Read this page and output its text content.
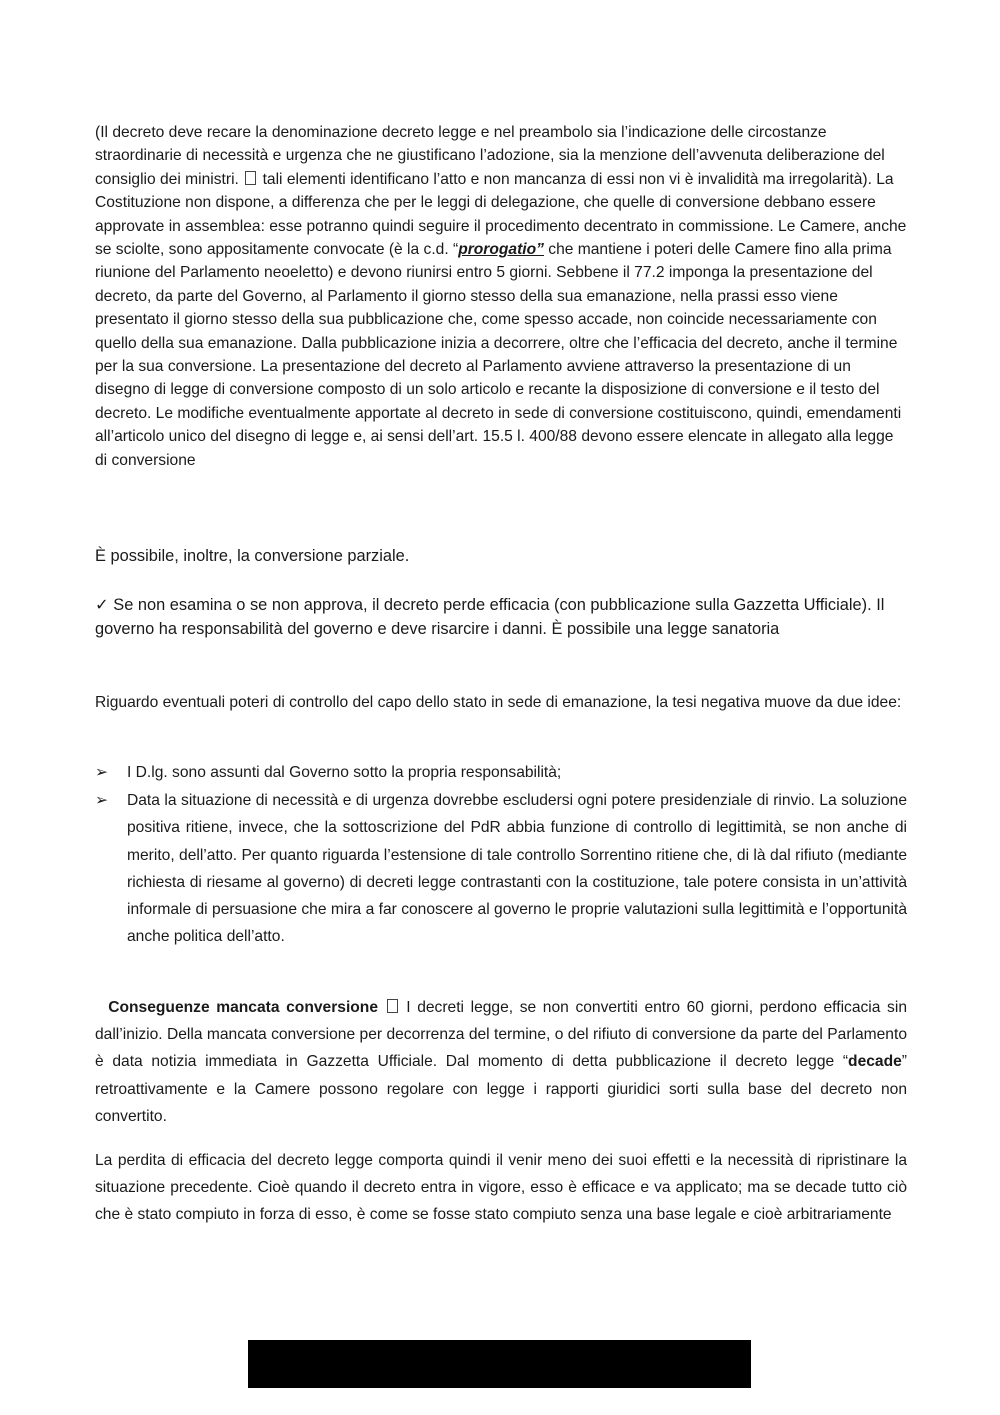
(Il decreto deve recare la denominazione decreto legge e nel preambolo sia l’indicazione delle circostanze straordinarie di necessità e urgenza che ne giustificano l’adozione, sia la menzione dell’avvenuta deliberazione del consiglio dei ministri. tali elementi identificano l’atto e non mancanza di essi non vi è invalidità ma irregolarità). La Costituzione non dispone, a differenza che per le leggi di delegazione, che quelle di conversione debbano essere approvate in assemblea: esse potranno quindi seguire il procedimento decentrato in commissione. Le Camere, anche se sciolte, sono appositamente convocate (è la c.d. “prorogatio” che mantiene i poteri delle Camere fino alla prima riunione del Parlamento neoeletto) e devono riunirsi entro 5 giorni. Sebbene il 77.2 imponga la presentazione del decreto, da parte del Governo, al Parlamento il giorno stesso della sua emanazione, nella prassi esso viene presentato il giorno stesso della sua pubblicazione che, come spesso accade, non coincide necessariamente con quello della sua emanazione. Dalla pubblicazione inizia a decorrere, oltre che l’efficacia del decreto, anche il termine per la sua conversione. La presentazione del decreto al Parlamento avviene attraverso la presentazione di un disegno di legge di conversione composto di un solo articolo e recante la disposizione di conversione e il testo del decreto. Le modifiche eventualmente apportate al decreto in sede di conversione costituiscono, quindi, emendamenti all’articolo unico del disegno di legge e, ai sensi dell’art. 15.5 l. 400/88 devono essere elencate in allegato alla legge di conversione

È possibile, inoltre, la conversione parziale.

✓ Se non esamina o se non approva, il decreto perde efficacia (con pubblicazione sulla Gazzetta Ufficiale). Il governo ha responsabilità del governo e deve risarcire i danni. È possibile una legge sanatoria

Riguardo eventuali poteri di controllo del capo dello stato in sede di emanazione, la tesi negativa muove da due idee:

➢ I D.lg. sono assunti dal Governo sotto la propria responsabilità;
➢ Data la situazione di necessità e di urgenza dovrebbe escludersi ogni potere presidenziale di rinvio. La soluzione positiva ritiene, invece, che la sottoscrizione del PdR abbia funzione di controllo di legittimità, se non anche di merito, dell’atto. Per quanto riguarda l’estensione di tale controllo Sorrentino ritiene che, di là dal rifiuto (mediante richiesta di riesame al governo) di decreti legge contrastanti con la costituzione, tale potere consista in un’attività informale di persuasione che mira a far conoscere al governo le proprie valutazioni sulla legittimità e l’opportunità anche politica dell’atto.

Conseguenze mancata conversione  I decreti legge, se non convertiti entro 60 giorni, perdono efficacia sin dall’inizio. Della mancata conversione per decorrenza del termine, o del rifiuto di conversione da parte del Parlamento è data notizia immediata in Gazzetta Ufficiale. Dal momento di detta pubblicazione il decreto legge “decade” retroattivamente e la Camere possono regolare con legge i rapporti giuridici sorti sulla base del decreto non convertito.

La perdita di efficacia del decreto legge comporta quindi il venir meno dei suoi effetti e la necessità di ripristinare la situazione precedente. Cioè quando il decreto entra in vigore, esso è efficace e va applicato; ma se decade tutto ciò che è stato compiuto in forza di esso, è come se fosse stato compiuto senza una base legale e cioè arbitrariamente
